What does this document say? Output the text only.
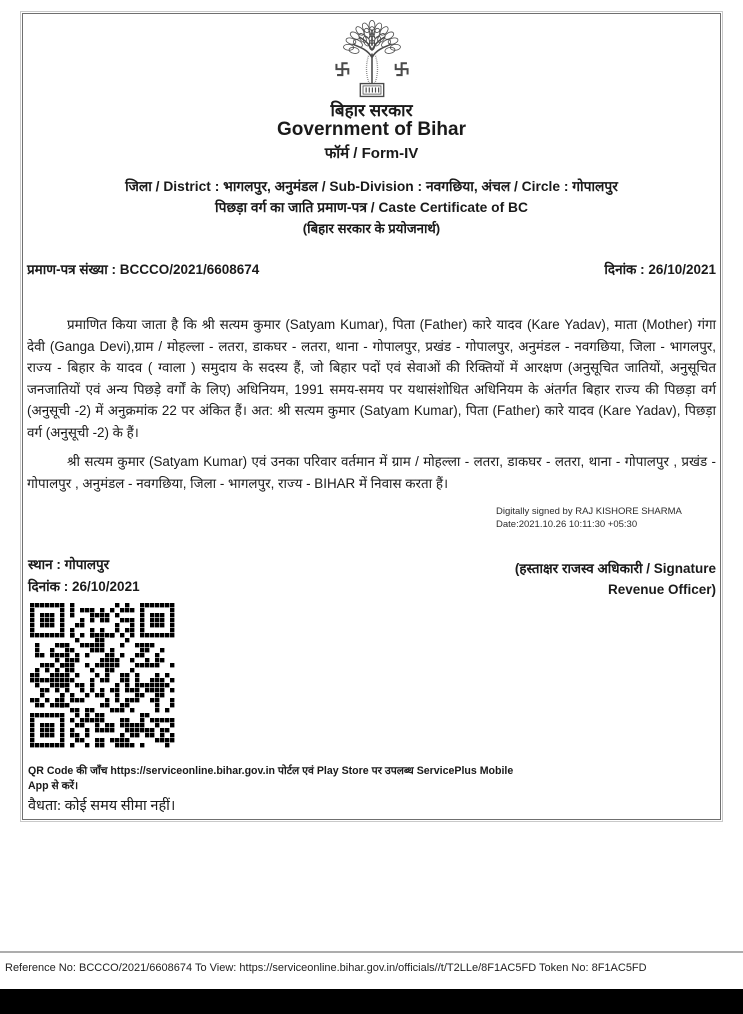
बिहार सरकार
बिहार सरकार
Government of Bihar
फॉर्म / Form-IV
जिला / District : भागलपुर, अनुमंडल / Sub-Division : नवगछिया, अंचल / Circle : गोपालपुर
पिछड़ा वर्ग का जाति प्रमाण-पत्र / Caste Certificate of BC
(बिहार सरकार के प्रयोजनार्थ)
प्रमाण-पत्र संख्या : BCCCO/2021/6608674	दिनांक : 26/10/2021

प्रमाणित किया जाता है कि श्री सत्यम कुमार (Satyam Kumar), पिता (Father) कारे यादव (Kare Yadav), माता (Mother) गंगा देवी (Ganga Devi),ग्राम / मोहल्ला - लतरा, डाकघर - लतरा, थाना - गोपालपुर, प्रखंड - गोपालपुर, अनुमंडल - नवगछिया, जिला - भागलपुर, राज्य - बिहार के यादव ( ग्वाला ) समुदाय के सदस्य हैं, जो बिहार पदों एवं सेवाओं की रिक्तियों में आरक्षण (अनुसूचित जातियों, अनुसूचित जनजातियों एवं अन्य पिछड़े वर्गों के लिए) अधिनियम, 1991 समय-समय पर यथासंशोधित अधिनियम के अंतर्गत बिहार राज्य की पिछड़ा वर्ग (अनुसूची -2) में अनुक्रमांक 22 पर अंकित हैं। अत: श्री सत्यम कुमार (Satyam Kumar), पिता (Father) कारे यादव (Kare Yadav), पिछड़ा वर्ग (अनुसूची -2) के हैं।

श्री सत्यम कुमार (Satyam Kumar) एवं उनका परिवार वर्तमान में ग्राम / मोहल्ला - लतरा, डाकघर - लतरा, थाना - गोपालपुर , प्रखंड - गोपालपुर , अनुमंडल - नवगछिया, जिला - भागलपुर, राज्य - BIHAR में निवास करता हैं।

Digitally signed by RAJ KISHORE SHARMA
Date:2021.10.26 10:11:30 +05:30
स्थान : गोपालपुर
दिनांक : 26/10/2021
(हस्ताक्षर राजस्व अधिकारी / Signature
Revenue Officer)
QR Code की जाँच https://serviceonline.bihar.gov.in पोर्टल एवं Play Store पर उपलब्ध ServicePlus Mobile App से करें।
वैधता: कोई समय सीमा नहीं।
Reference No: BCCCO/2021/6608674 To View: https://serviceonline.bihar.gov.in/officials//t/T2LLe/8F1AC5FD Token No: 8F1AC5FD
